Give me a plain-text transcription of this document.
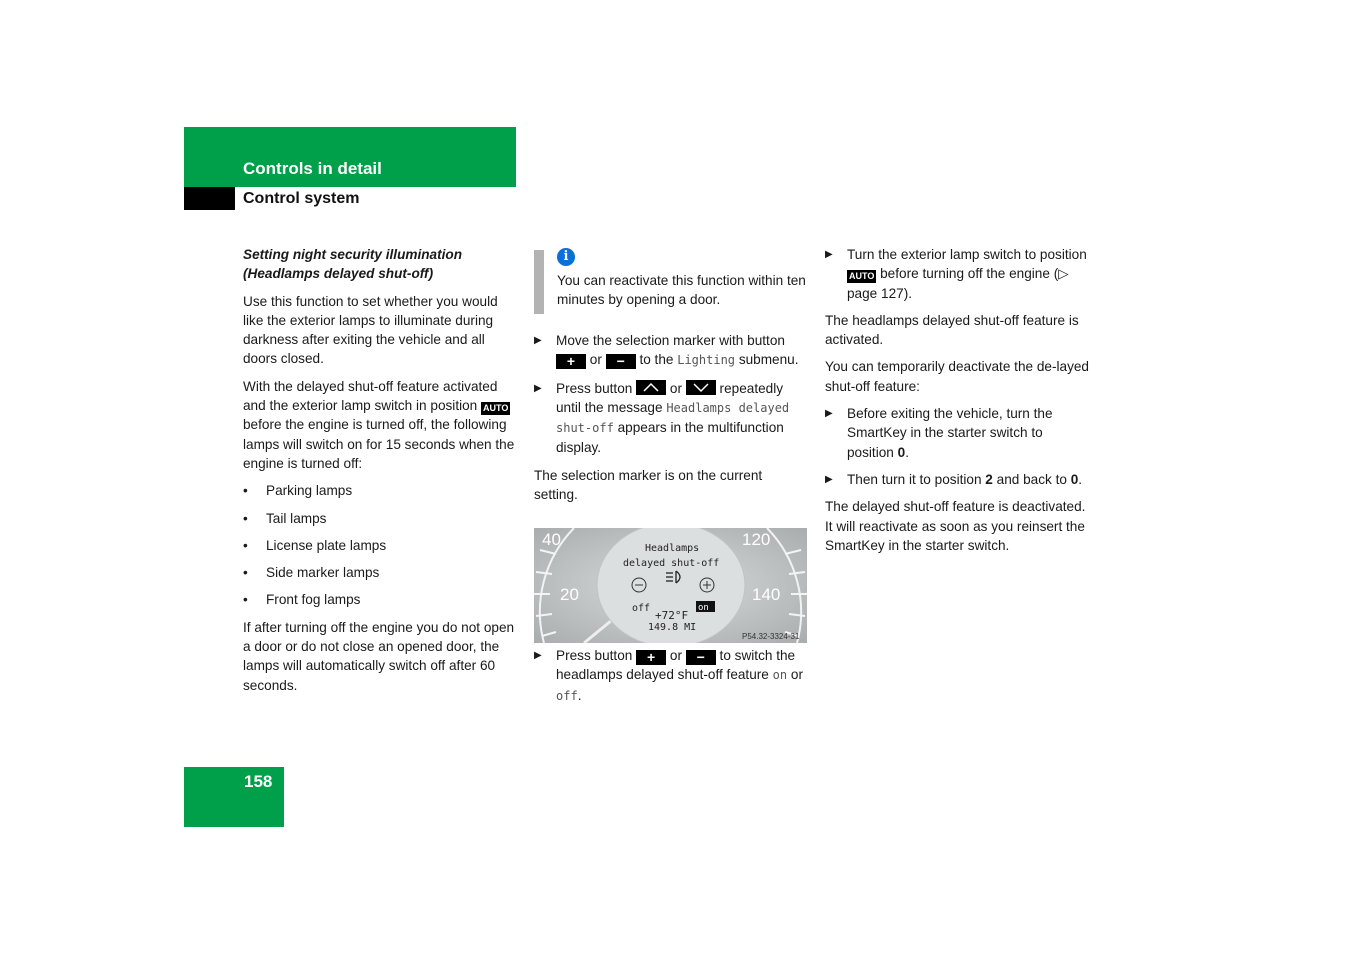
Controls in detail
Control system

Setting night security illumination
(Headlamps delayed shut-off)

Use this function to set whether you would like the exterior lamps to illuminate during darkness after exiting the vehicle and all doors closed.

With the delayed shut-off feature activated and the exterior lamp switch in position AUTO before the engine is turned off, the following lamps will switch on for 15 seconds when the engine is turned off:

•	Parking lamps
•	Tail lamps
•	License plate lamps
•	Side marker lamps
•	Front fog lamps

If after turning off the engine you do not open a door or do not close an opened door, the lamps will automatically switch off after 60 seconds.

i

You can reactivate this function within ten minutes by opening a door.

▶	Move the selection marker with button + or − to the Lighting submenu.
▶	Press button	or	repeatedly until the message Headlamps delayed shut-off appears in the multifunction display.

The selection marker is on the current setting.

40	120
20	140
Headlamps
delayed shut-off
off	on
+72°F
149.8 MI
P54.32-3324-31
▶	Press button + or − to switch the headlamps delayed shut-off feature on or off.
▶	Turn the exterior lamp switch to position AUTO before turning off the engine (▷ page 127).

The headlamps delayed shut-off feature is activated.

You can temporarily deactivate the de-layed shut-off feature:

▶	Before exiting the vehicle, turn the SmartKey in the starter switch to position 0.
▶	Then turn it to position 2 and back to 0.

The delayed shut-off feature is deactivated. It will reactivate as soon as you reinsert the SmartKey in the starter switch.

158
